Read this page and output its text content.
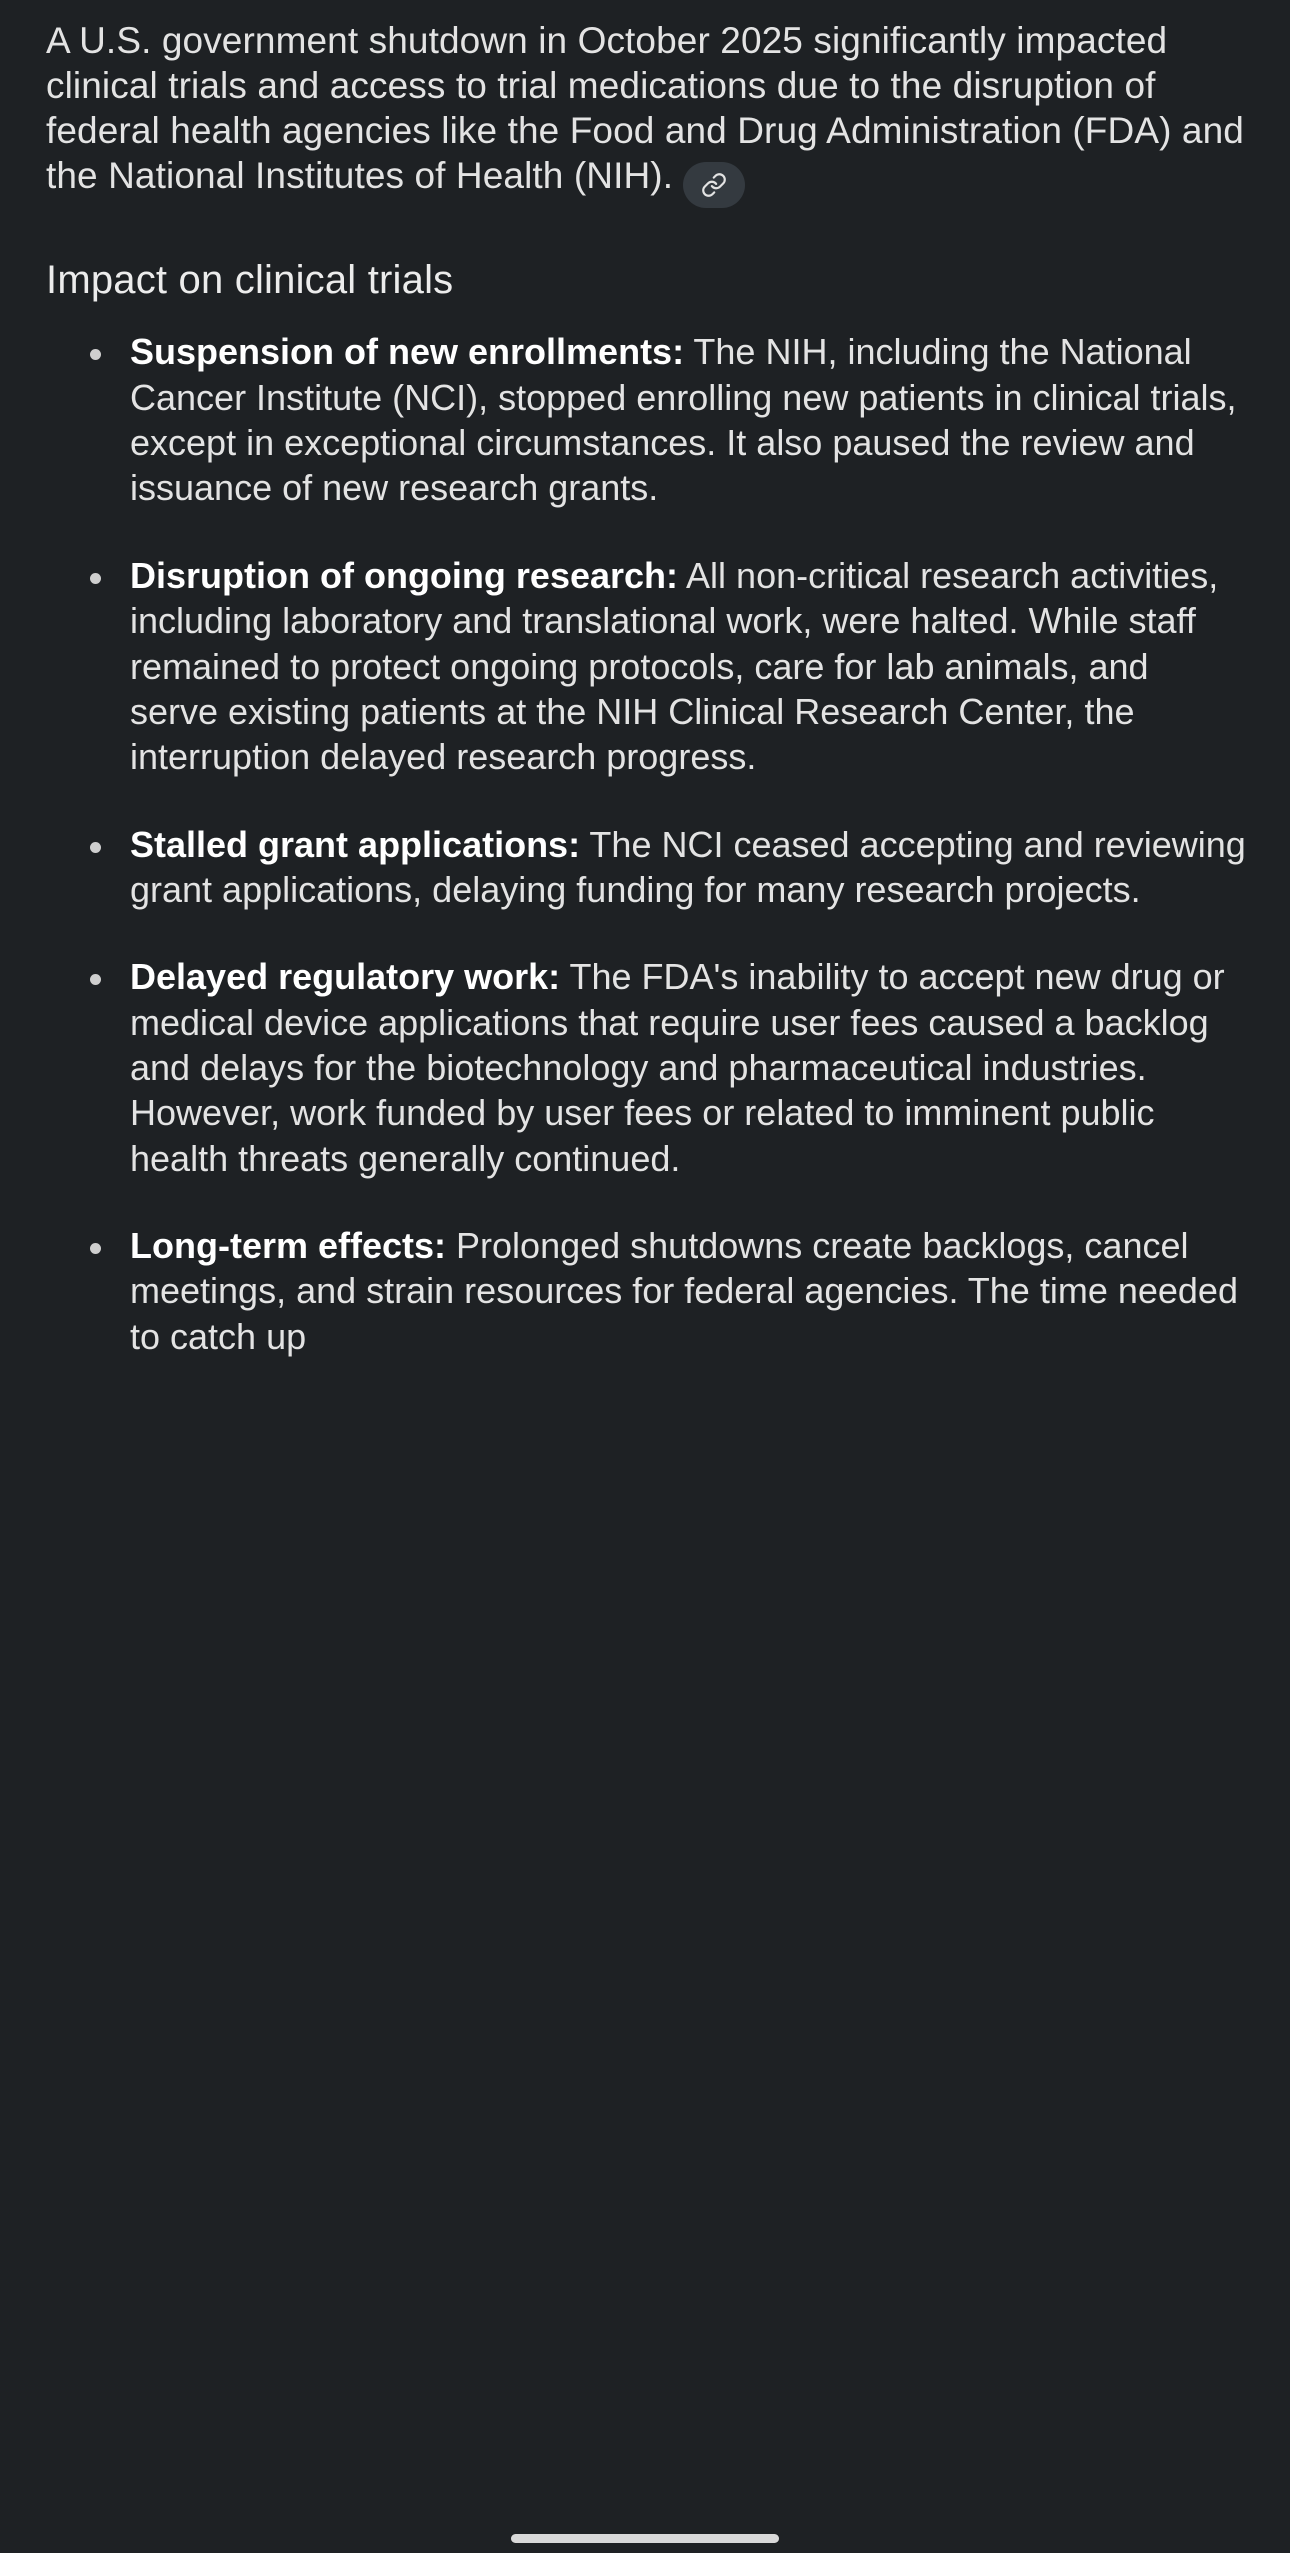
A U.S. government shutdown in October 2025 significantly impacted clinical trials and access to trial medications due to the disruption of federal health agencies like the Food and Drug Administration (FDA) and the National Institutes of Health (NIH).

Impact on clinical trials
Suspension of new enrollments: The NIH, including the National Cancer Institute (NCI), stopped enrolling new patients in clinical trials, except in exceptional circumstances. It also paused the review and issuance of new research grants.
Disruption of ongoing research: All non-critical research activities, including laboratory and translational work, were halted. While staff remained to protect ongoing protocols, care for lab animals, and serve existing patients at the NIH Clinical Research Center, the interruption delayed research progress.
Stalled grant applications: The NCI ceased accepting and reviewing grant applications, delaying funding for many research projects.
Delayed regulatory work: The FDA's inability to accept new drug or medical device applications that require user fees caused a backlog and delays for the biotechnology and pharmaceutical industries. However, work funded by user fees or related to imminent public health threats generally continued.
Long-term effects: Prolonged shutdowns create backlogs, cancel meetings, and strain resources for federal agencies. The time needed to catch up
